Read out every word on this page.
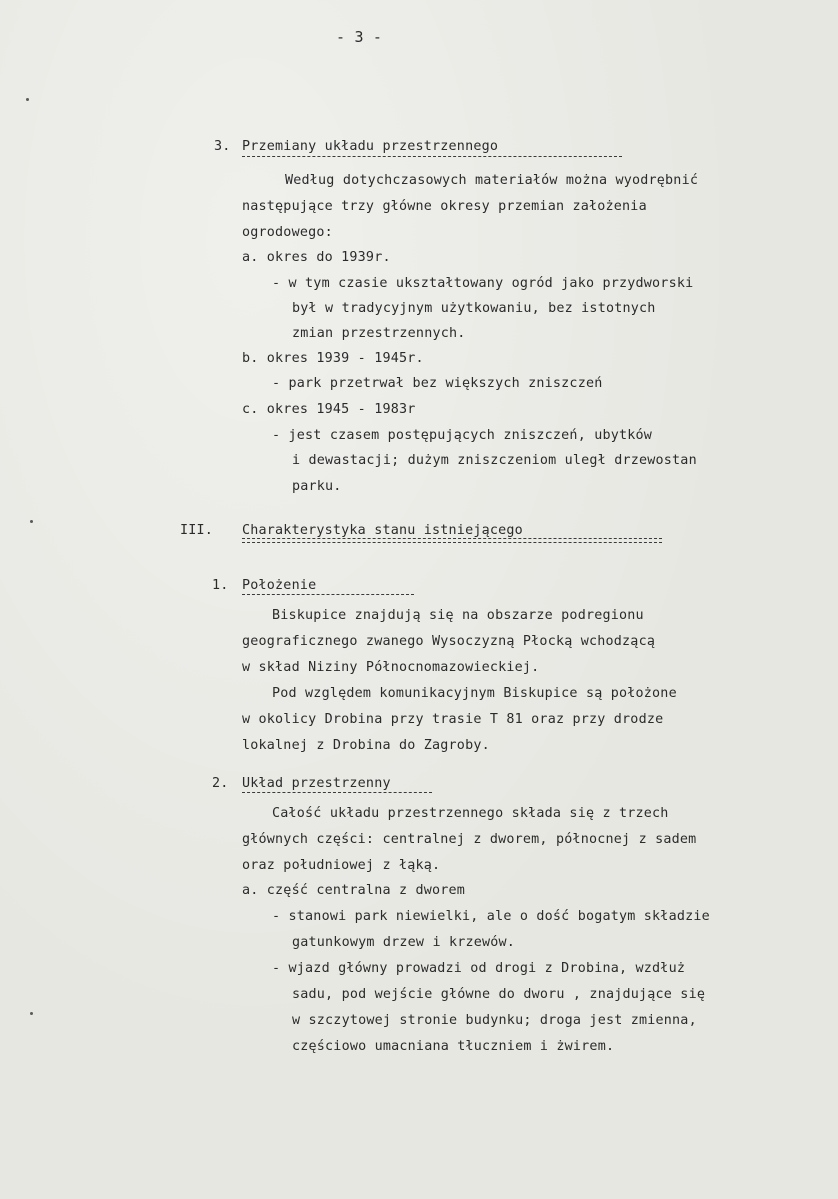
- 3 -
3. Przemiany układu przestrzennego
Według dotychczasowych materiałów można wyodrębnić
następujące trzy główne okresy przemian założenia
ogrodowego:
a. okres do 1939r.
- w tym czasie ukształtowany ogród jako przydworski
był w tradycyjnym użytkowaniu, bez istotnych
zmian przestrzennych.
b. okres 1939 - 1945r.
- park przetrwał bez większych zniszczeń
c. okres 1945 - 1983r
- jest czasem postępujących zniszczeń, ubytków
i dewastacji; dużym zniszczeniom uległ drzewostan
parku.
III. Charakterystyka stanu istniejącego
1. Położenie
Biskupice znajdują się na obszarze podregionu
geograficznego zwanego Wysoczyzną Płocką wchodzącą
w skład Niziny Północnomazowieckiej.
Pod względem komunikacyjnym Biskupice są położone
w okolicy Drobina przy trasie T 81 oraz przy drodze
lokalnej z Drobina do Zagroby.
2. Układ przestrzenny
Całość układu przestrzennego składa się z trzech
głównych części: centralnej z dworem, północnej z sadem
oraz południowej z łąką.
a. część centralna z dworem
- stanowi park niewielki, ale o dość bogatym składzie
gatunkowym drzew i krzewów.
- wjazd główny prowadzi od drogi z Drobina, wzdłuż
sadu, pod wejście główne do dworu , znajdujące się
w szczytowej stronie budynku; droga jest zmienna,
częściowo umacniana tłuczniem i żwirem.
